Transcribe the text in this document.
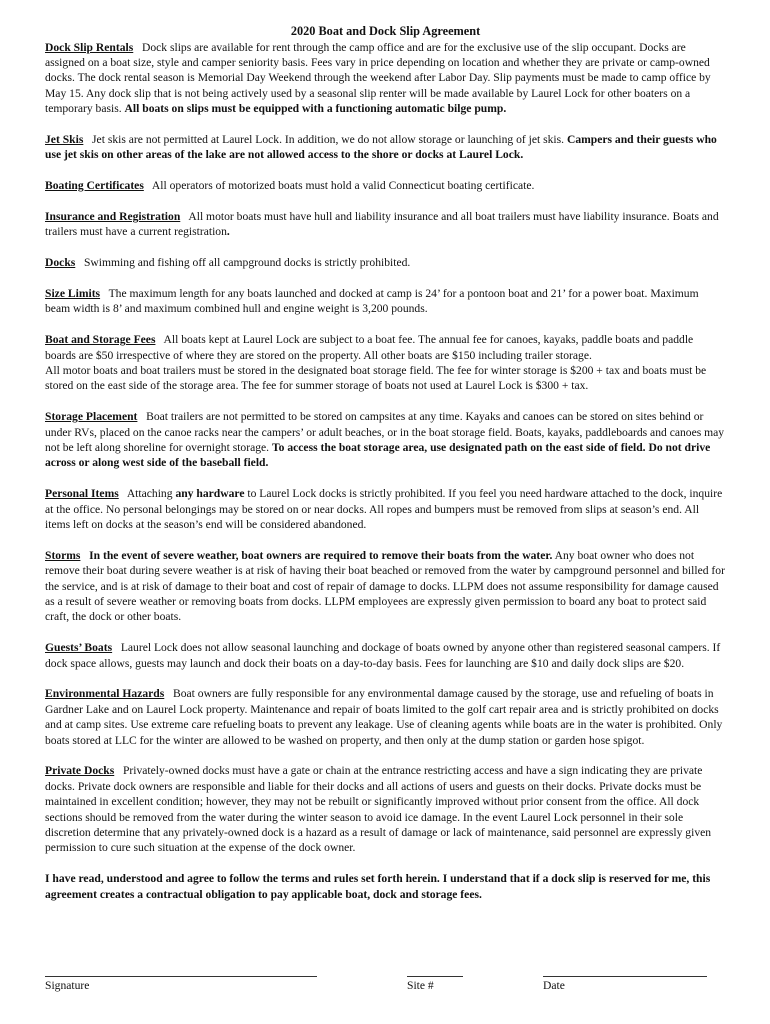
2020 Boat and Dock Slip Agreement

Dock Slip Rentals Dock slips are available for rent through the camp office and are for the exclusive use of the slip occupant. Docks are assigned on a boat size, style and camper seniority basis. Fees vary in price depending on location and whether they are private or camp-owned docks. The dock rental season is Memorial Day Weekend through the weekend after Labor Day. Slip payments must be made to camp office by May 15. Any dock slip that is not being actively used by a seasonal slip renter will be made available by Laurel Lock for other boaters on a temporary basis. All boats on slips must be equipped with a functioning automatic bilge pump.

Jet Skis Jet skis are not permitted at Laurel Lock. In addition, we do not allow storage or launching of jet skis. Campers and their guests who use jet skis on other areas of the lake are not allowed access to the shore or docks at Laurel Lock.

Boating Certificates All operators of motorized boats must hold a valid Connecticut boating certificate.

Insurance and Registration All motor boats must have hull and liability insurance and all boat trailers must have liability insurance. Boats and trailers must have a current registration.

Docks Swimming and fishing off all campground docks is strictly prohibited.

Size Limits The maximum length for any boats launched and docked at camp is 24’ for a pontoon boat and 21’ for a power boat. Maximum beam width is 8’ and maximum combined hull and engine weight is 3,200 pounds.

Boat and Storage Fees All boats kept at Laurel Lock are subject to a boat fee. The annual fee for canoes, kayaks, paddle boats and paddle boards are $50 irrespective of where they are stored on the property. All other boats are $150 including trailer storage.
All motor boats and boat trailers must be stored in the designated boat storage field. The fee for winter storage is $200 + tax and boats must be stored on the east side of the storage area. The fee for summer storage of boats not used at Laurel Lock is $300 + tax.

Storage Placement Boat trailers are not permitted to be stored on campsites at any time. Kayaks and canoes can be stored on sites behind or under RVs, placed on the canoe racks near the campers’ or adult beaches, or in the boat storage field. Boats, kayaks, paddleboards and canoes may not be left along shoreline for overnight storage. To access the boat storage area, use designated path on the east side of field. Do not drive across or along west side of the baseball field.

Personal Items Attaching any hardware to Laurel Lock docks is strictly prohibited. If you feel you need hardware attached to the dock, inquire at the office. No personal belongings may be stored on or near docks. All ropes and bumpers must be removed from slips at season’s end. All items left on docks at the season’s end will be considered abandoned.

Storms In the event of severe weather, boat owners are required to remove their boats from the water. Any boat owner who does not remove their boat during severe weather is at risk of having their boat beached or removed from the water by campground personnel and billed for the service, and is at risk of damage to their boat and cost of repair of damage to docks. LLPM does not assume responsibility for damage caused as a result of severe weather or removing boats from docks. LLPM employees are expressly given permission to board any boat to protect said craft, the dock or other boats.

Guests’ Boats Laurel Lock does not allow seasonal launching and dockage of boats owned by anyone other than registered seasonal campers. If dock space allows, guests may launch and dock their boats on a day-to-day basis. Fees for launching are $10 and daily dock slips are $20.

Environmental Hazards Boat owners are fully responsible for any environmental damage caused by the storage, use and refueling of boats in Gardner Lake and on Laurel Lock property. Maintenance and repair of boats limited to the golf cart repair area and is strictly prohibited on docks and at camp sites. Use extreme care refueling boats to prevent any leakage. Use of cleaning agents while boats are in the water is prohibited. Only boats stored at LLC for the winter are allowed to be washed on property, and then only at the dump station or garden hose spigot.

Private Docks Privately-owned docks must have a gate or chain at the entrance restricting access and have a sign indicating they are private docks. Private dock owners are responsible and liable for their docks and all actions of users and guests on their docks. Private docks must be maintained in excellent condition; however, they may not be rebuilt or significantly improved without prior consent from the office. All dock sections should be removed from the water during the winter season to avoid ice damage. In the event Laurel Lock personnel in their sole discretion determine that any privately-owned dock is a hazard as a result of damage or lack of maintenance, said personnel are expressly given permission to cure such situation at the expense of the dock owner.

I have read, understood and agree to follow the terms and rules set forth herein. I understand that if a dock slip is reserved for me, this agreement creates a contractual obligation to pay applicable boat, dock and storage fees.

Signature	Site #	Date
